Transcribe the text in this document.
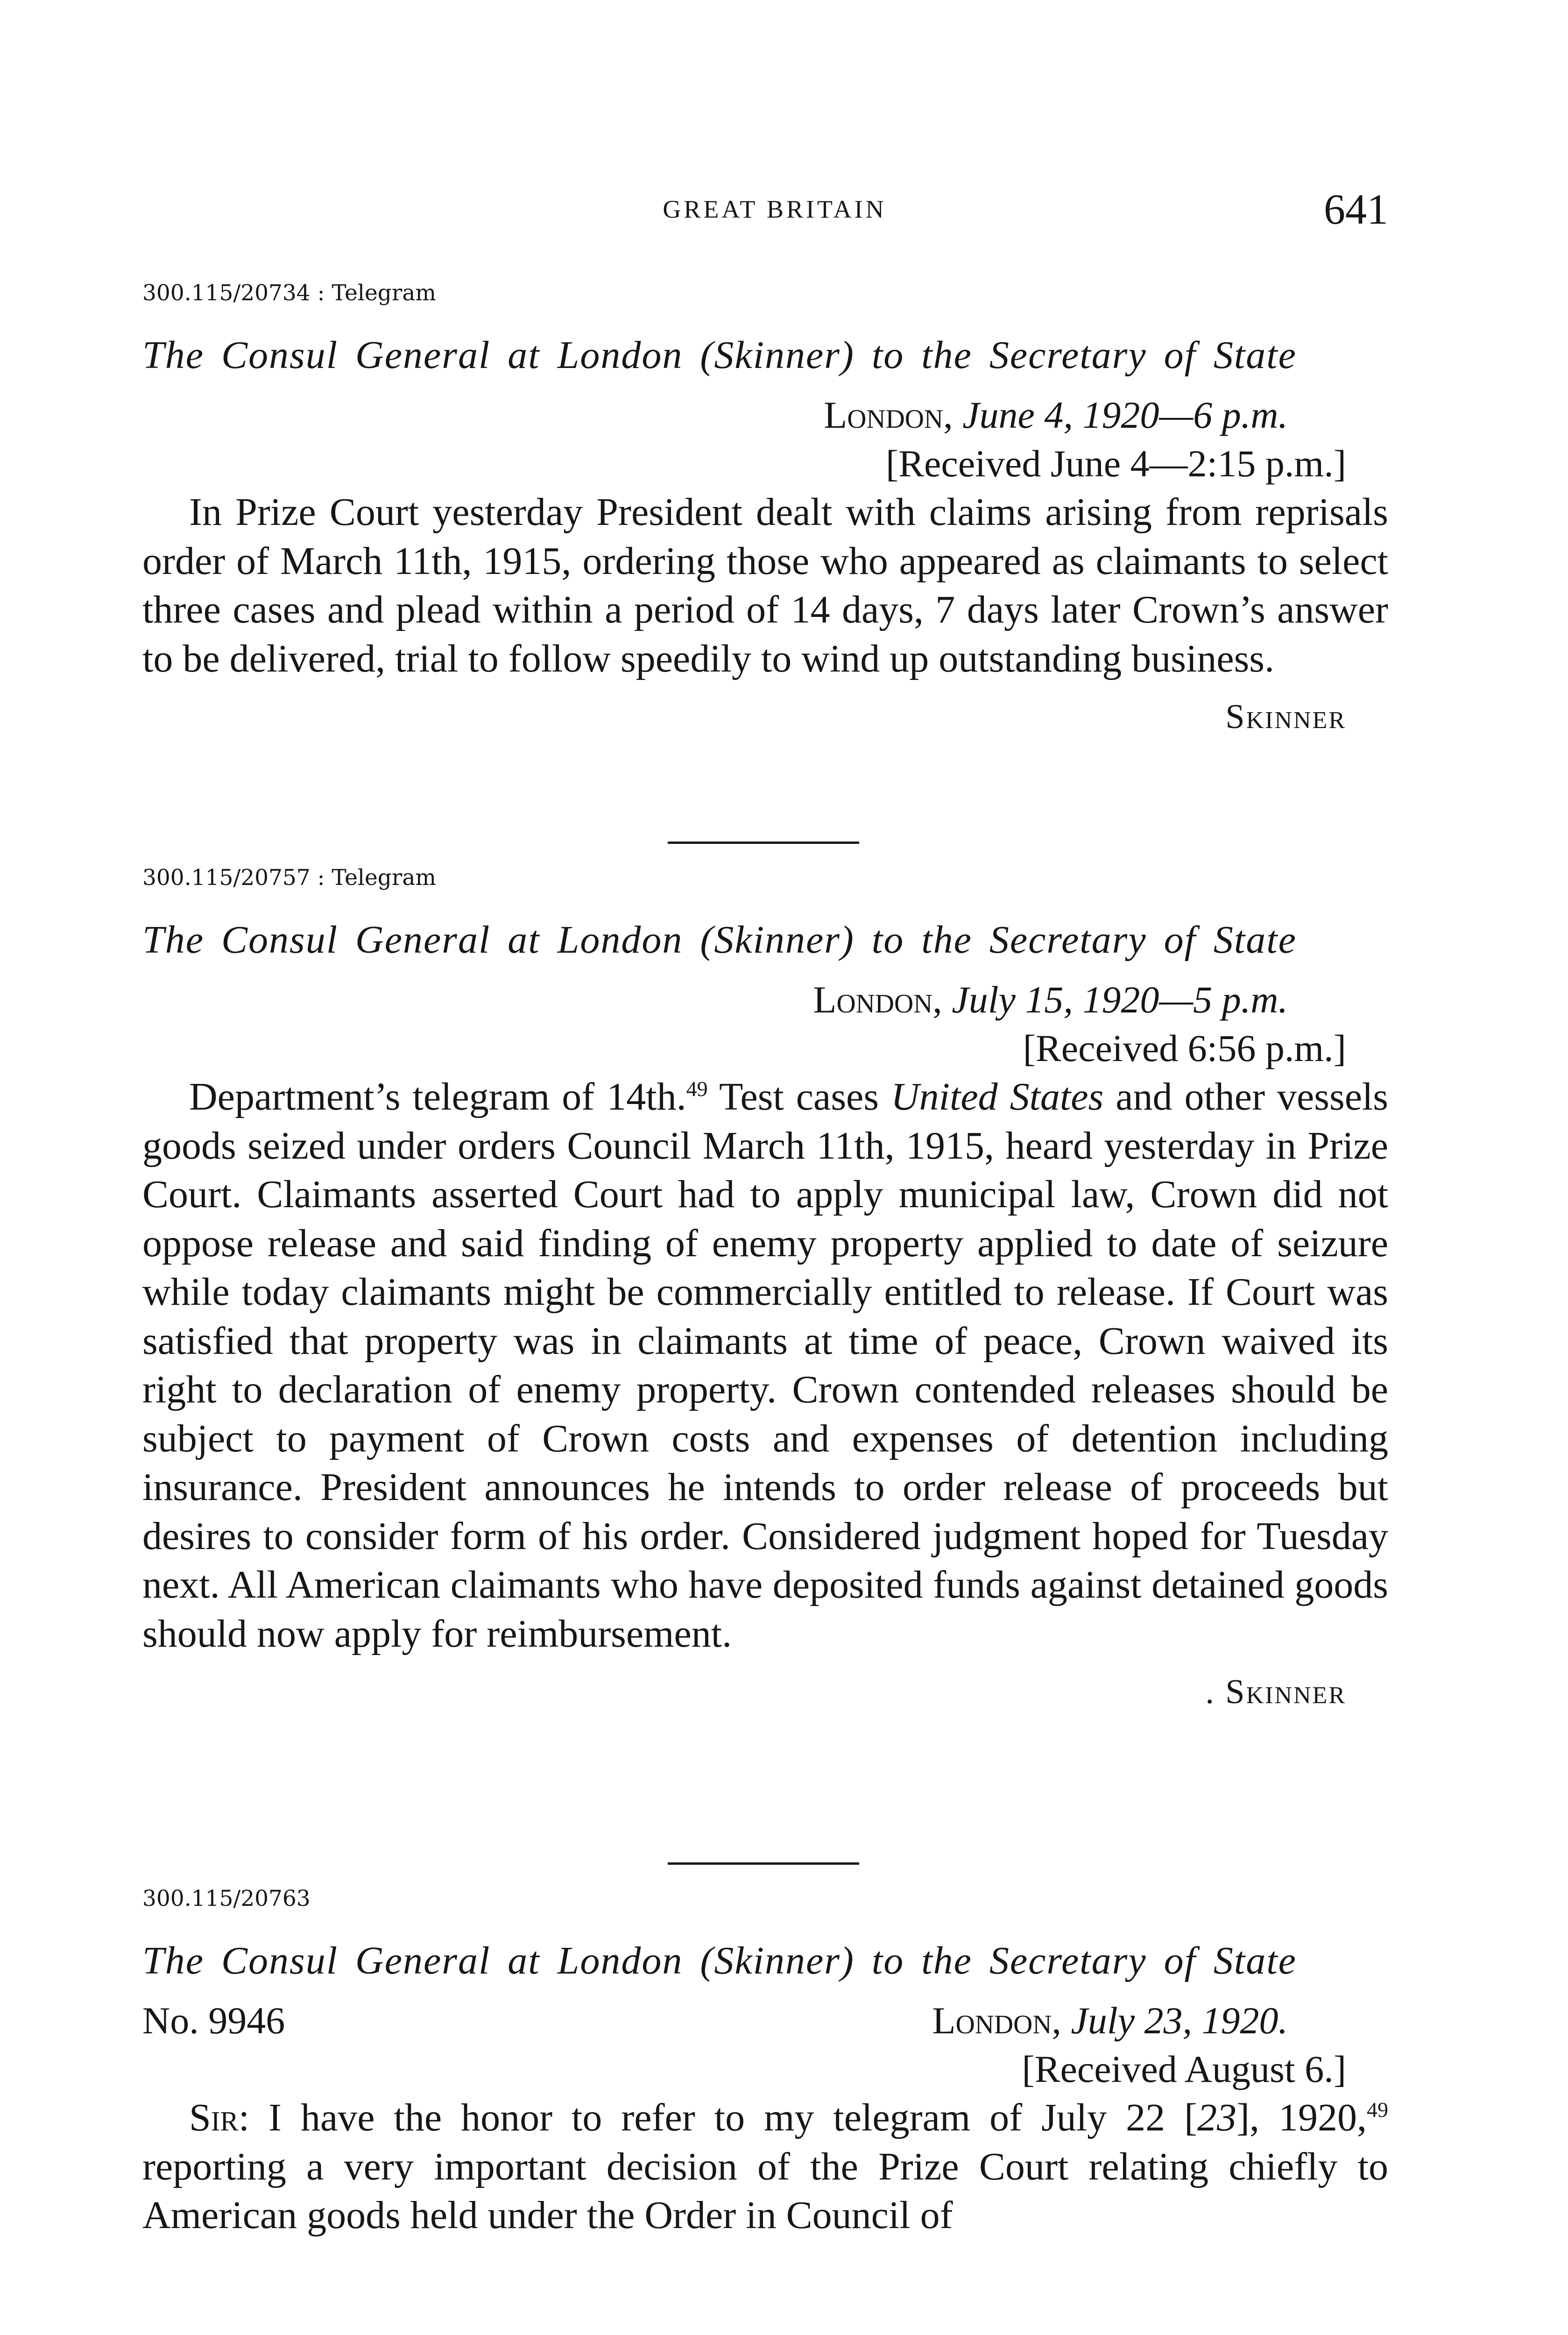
GREAT BRITAIN	641
300.115/20734 : Telegram
The Consul General at London (Skinner) to the Secretary of State
London, June 4, 1920—6 p.m.
[Received June 4—2:15 p.m.]

In Prize Court yesterday President dealt with claims arising from reprisals order of March 11th, 1915, ordering those who appeared as claimants to select three cases and plead within a period of 14 days, 7 days later Crown’s answer to be delivered, trial to follow speedily to wind up outstanding business.

Skinner
300.115/20757 : Telegram
The Consul General at London (Skinner) to the Secretary of State
London, July 15, 1920—5 p.m.
[Received 6:56 p.m.]

Department’s telegram of 14th.$^{49}$ Test cases United States and other vessels goods seized under orders Council March 11th, 1915, heard yesterday in Prize Court. Claimants asserted Court had to apply municipal law, Crown did not oppose release and said finding of enemy property applied to date of seizure while today claimants might be commercially entitled to release. If Court was satisfied that property was in claimants at time of peace, Crown waived its right to declaration of enemy property. Crown contended releases should be subject to payment of Crown costs and expenses of detention including insurance. President announces he intends to order release of proceeds but desires to consider form of his order. Considered judgment hoped for Tuesday next. All American claimants who have deposited funds against detained goods should now apply for reimbursement.

. Skinner
300.115/20763
The Consul General at London (Skinner) to the Secretary of State
No. 9946	London, July 23, 1920.
[Received August 6.]

Sir: I have the honor to refer to my telegram of July 22 [23], 1920,49 reporting a very important decision of the Prize Court relating chiefly to American goods held under the Order in Council of
